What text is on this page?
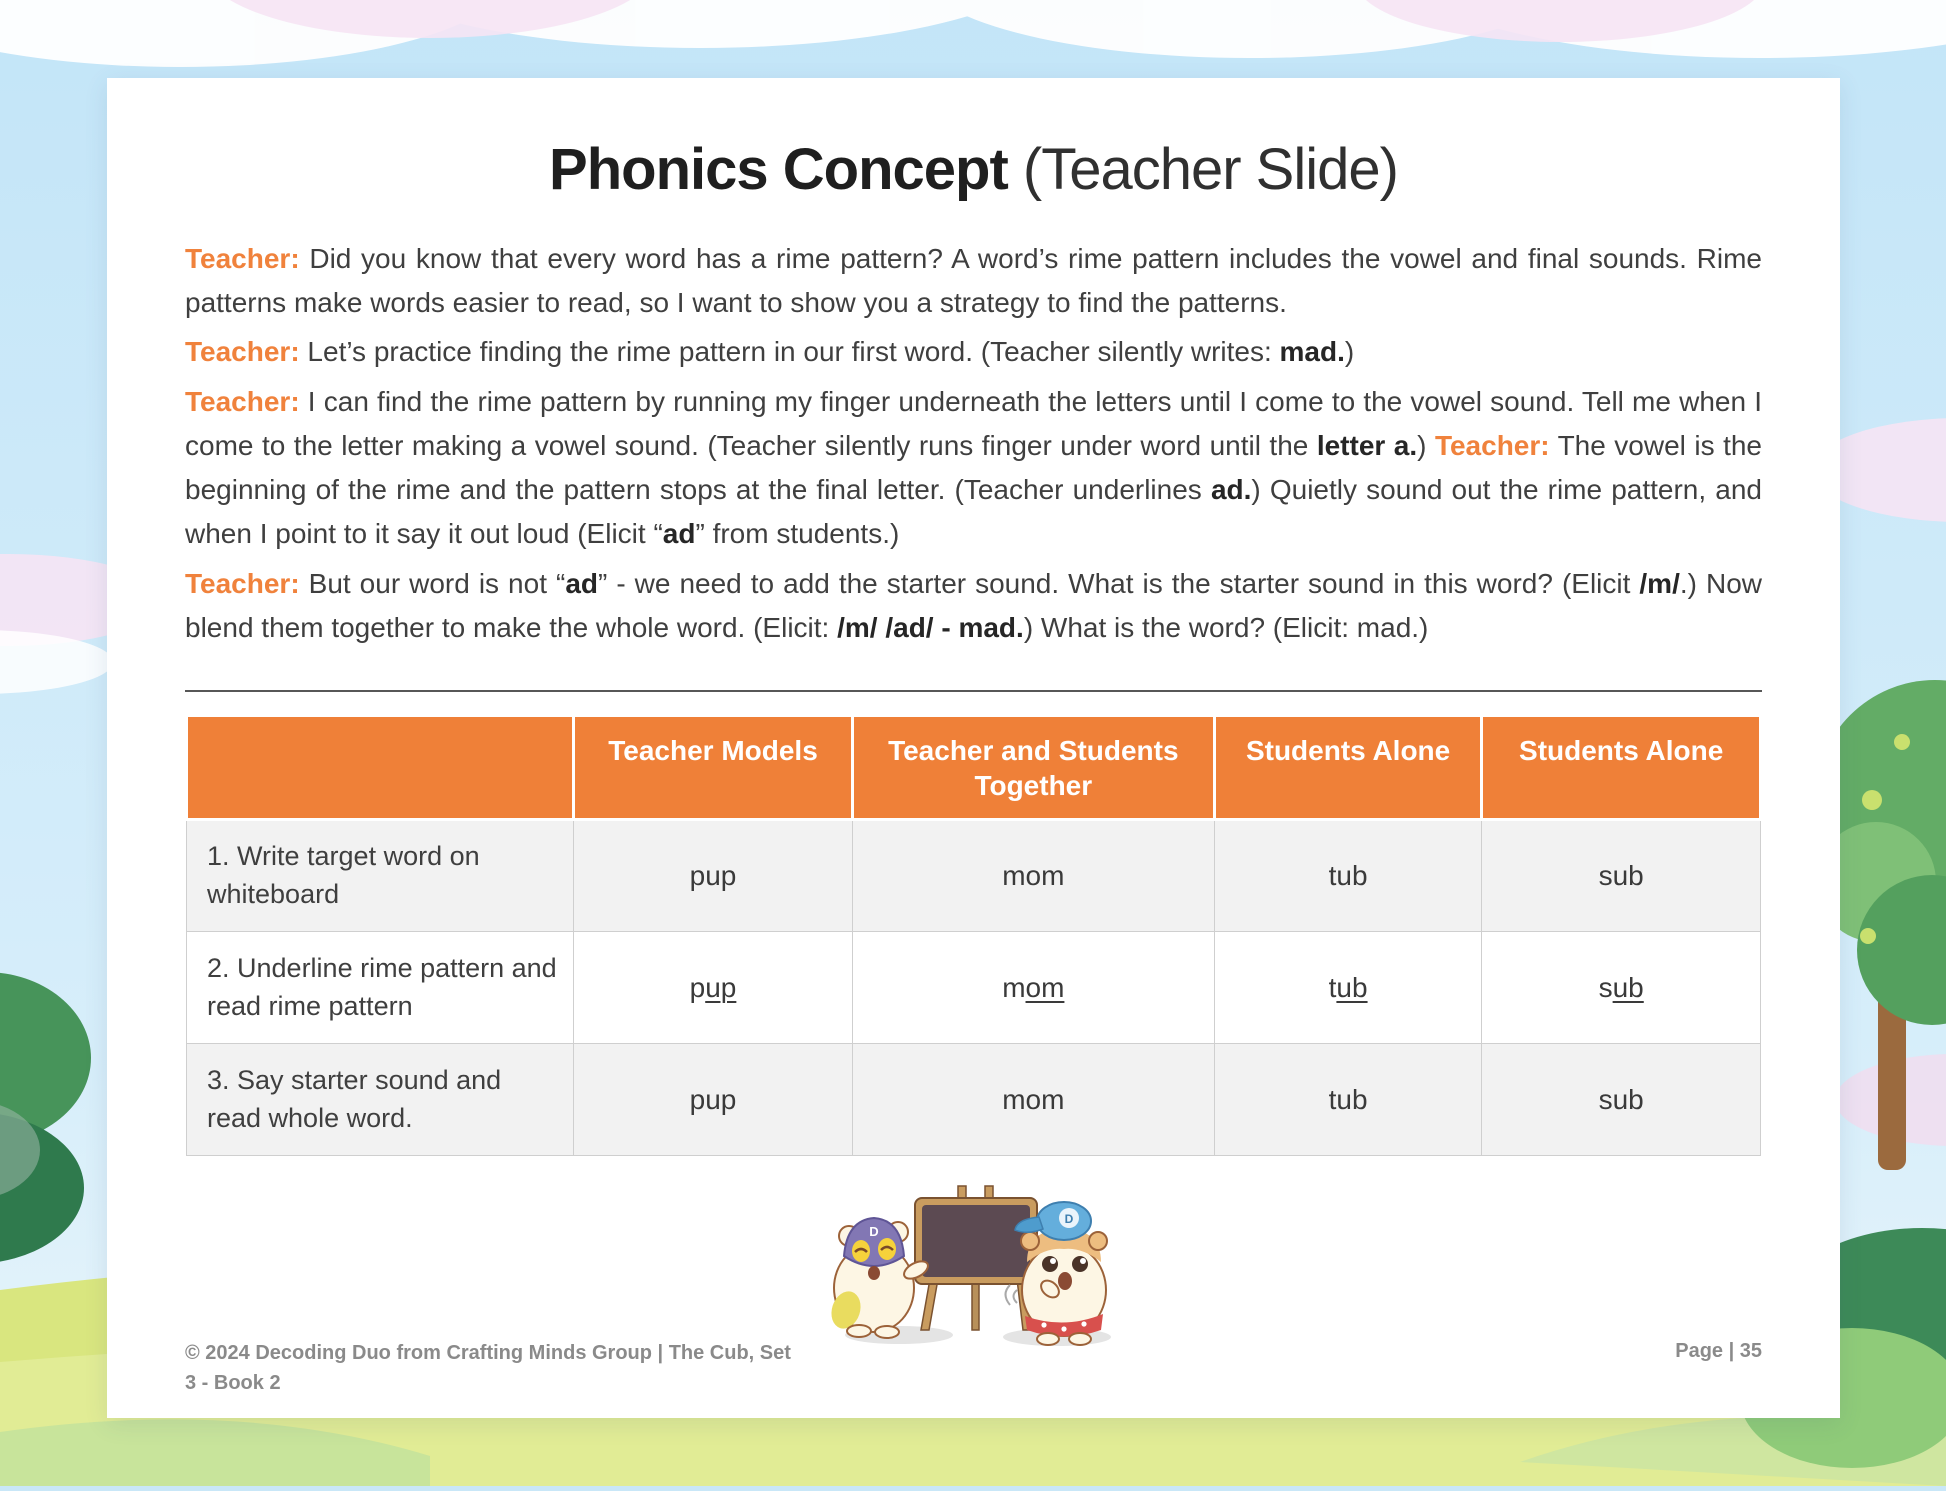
Phonics Concept (Teacher Slide)

Teacher: Did you know that every word has a rime pattern? A word’s rime pattern includes the vowel and final sounds. Rime patterns make words easier to read, so I want to show you a strategy to find the patterns.

Teacher: Let’s practice finding the rime pattern in our first word. (Teacher silently writes: mad.)

Teacher: I can find the rime pattern by running my finger underneath the letters until I come to the vowel sound. Tell me when I come to the letter making a vowel sound. (Teacher silently runs finger under word until the letter a.) Teacher: The vowel is the beginning of the rime and the pattern stops at the final letter. (Teacher underlines ad.) Quietly sound out the rime pattern, and when I point to it say it out loud (Elicit “ad” from students.)

Teacher: But our word is not “ad” - we need to add the starter sound. What is the starter sound in this word? (Elicit /m/.) Now blend them together to make the whole word. (Elicit: /m/ /ad/ - mad.) What is the word? (Elicit: mad.)

	Teacher Models	Teacher and Students Together	Students Alone	Students Alone
1. Write target word on whiteboard	pup	mom	tub	sub
2. Underline rime pattern and read rime pattern	pup	mom	tub	sub
3. Say starter sound and read whole word.	pup	mom	tub	sub
D
D
© 2024 Decoding Duo from Crafting Minds Group | The Cub, Set
3 - Book 2
Page | 35
